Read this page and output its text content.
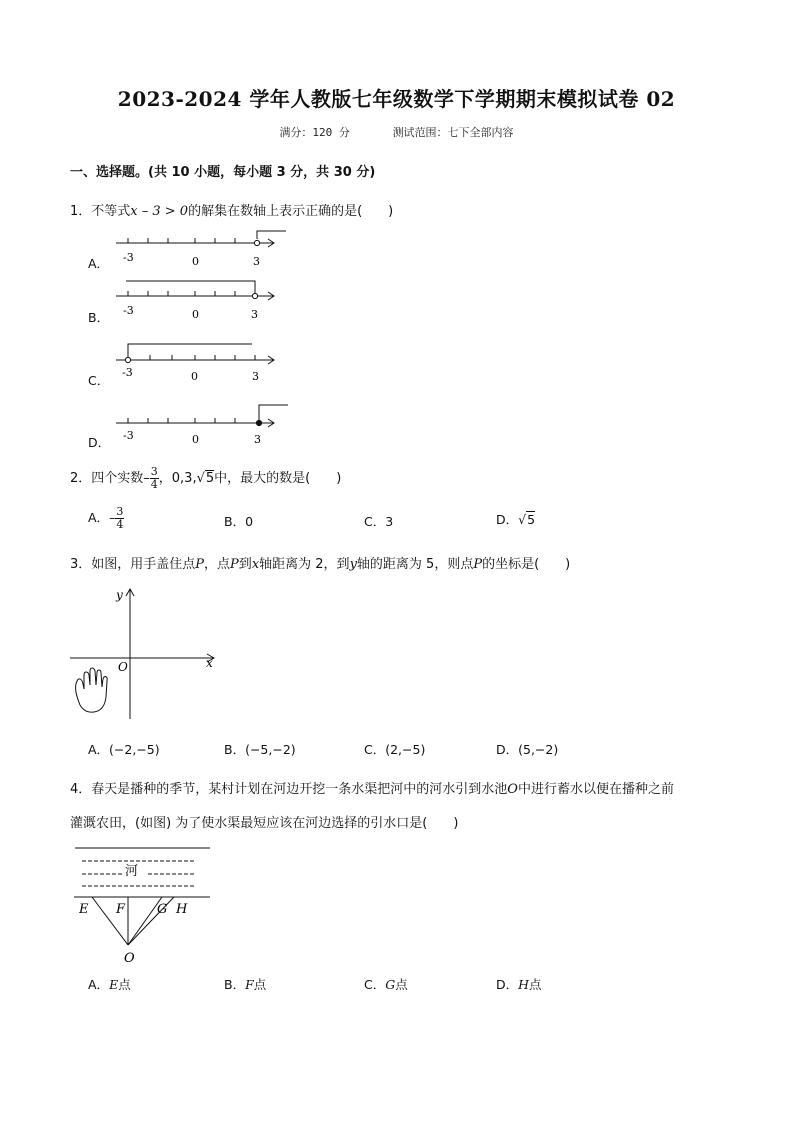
2023-2024 学年人教版七年级数学下学期期末模拟试卷 02
满分：120 分	测试范围：七下全部内容
一、选择题。(共 10 小题，每小题 3 分，共 30 分)
1．不等式x – 3 > 0的解集在数轴上表示正确的是(　　)
A． -3	0	3
B． -3	0	3
C．
-3	0	3
D． -3	0	3
2．四个实数– $\frac{3}{4}$ ，0,3,√5中，最大的数是(　　)
A．– $\frac{3}{4}$	B．0	C．3	D．√5
3．如图，用手盖住点P，点P到x轴距离为 2，到y轴的距离为 5，则点P的坐标是(　　)
y
x
O
A．(−2,−5)	B．(−5,−2)	C．(2,−5)	D．(5,−2)
4．春天是播种的季节，某村计划在河边开挖一条水渠把河中的河水引到水池O中进行蓄水以便在播种之前
灌溉农田，(如图) 为了使水渠最短应该在河边选择的引水口是(　　)
河
E F G H
O
A．E点	B．F点	C．G点	D．H点
